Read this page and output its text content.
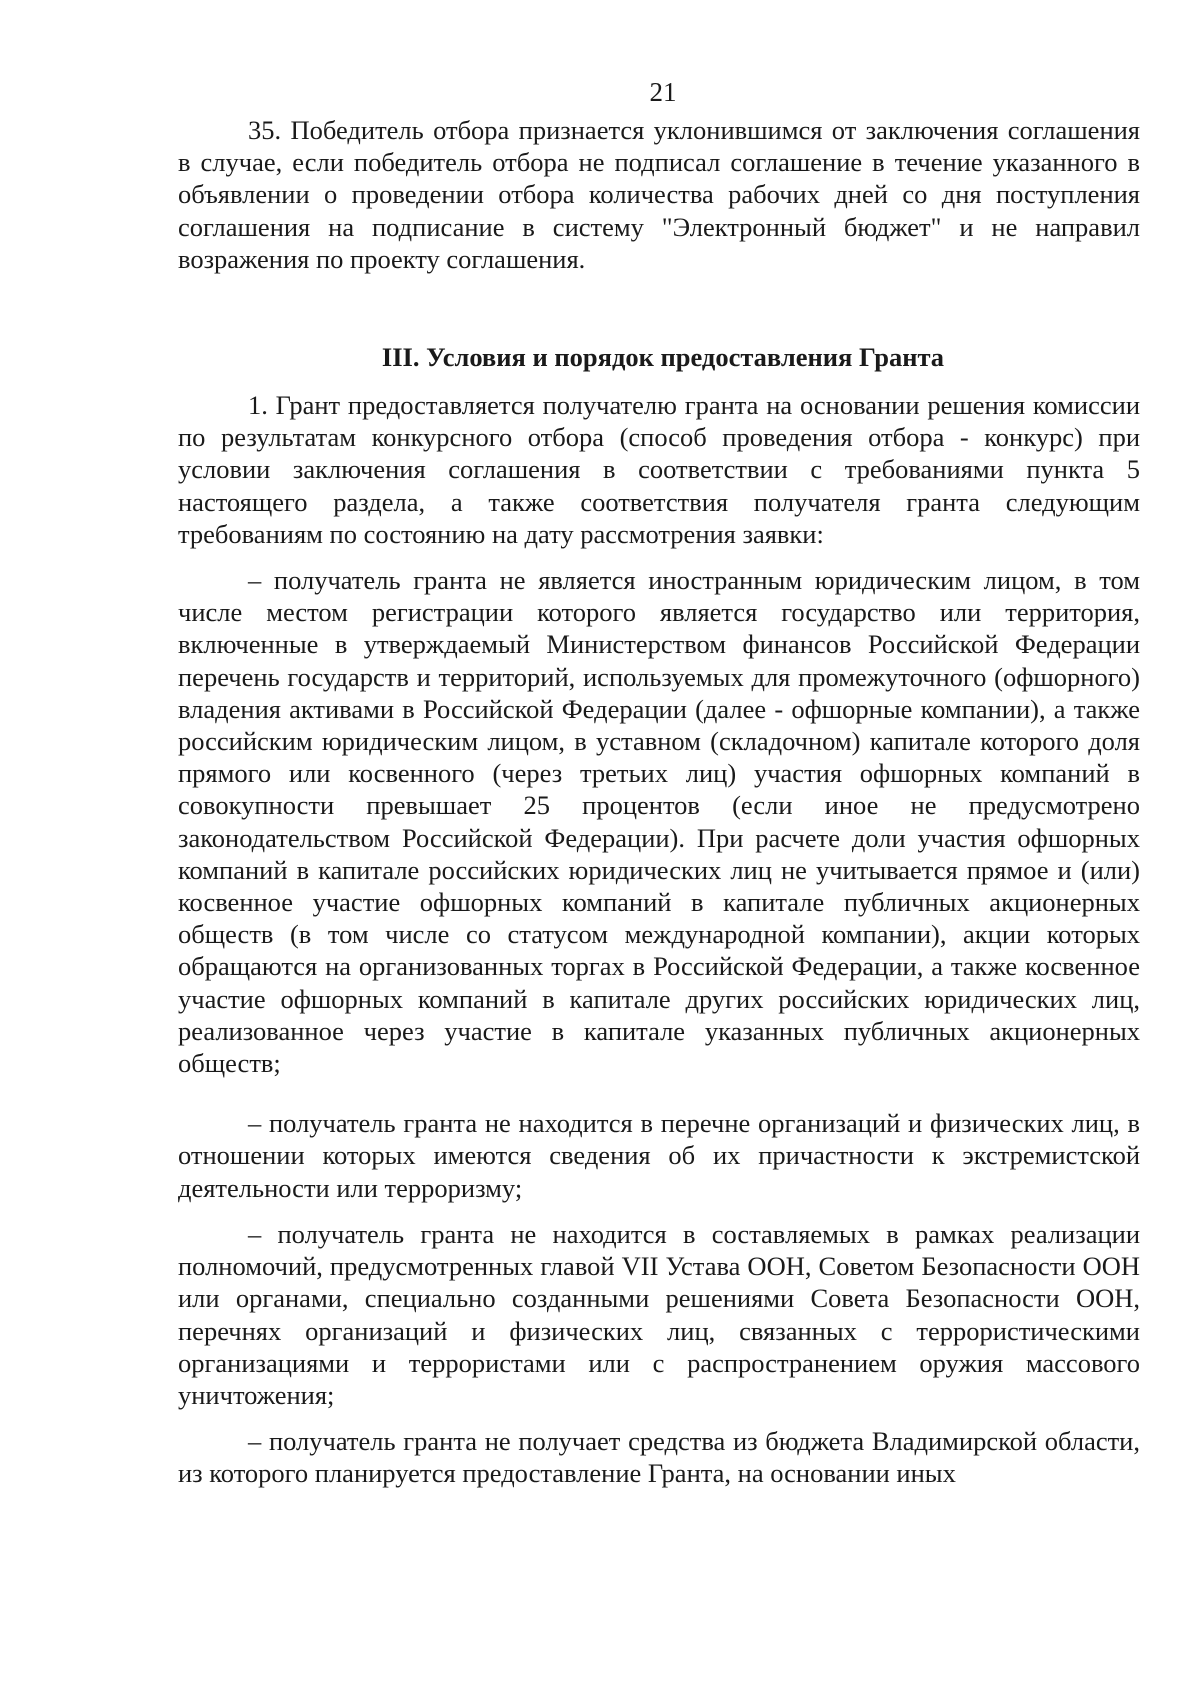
21

35. Победитель отбора признается уклонившимся от заключения соглашения в случае, если победитель отбора не подписал соглашение в течение указанного в объявлении о проведении отбора количества рабочих дней со дня поступления соглашения на подписание в систему "Электронный бюджет" и не направил возражения по проекту соглашения.

III. Условия и порядок предоставления Гранта

1. Грант предоставляется получателю гранта на основании решения комиссии по результатам конкурсного отбора (способ проведения отбора - конкурс) при условии заключения соглашения в соответствии с требованиями пункта 5 настоящего раздела, а также соответствия получателя гранта следующим требованиям по состоянию на дату рассмотрения заявки:

– получатель гранта не является иностранным юридическим лицом, в том числе местом регистрации которого является государство или территория, включенные в утверждаемый Министерством финансов Российской Федерации перечень государств и территорий, используемых для промежуточного (офшорного) владения активами в Российской Федерации (далее - офшорные компании), а также российским юридическим лицом, в уставном (складочном) капитале которого доля прямого или косвенного (через третьих лиц) участия офшорных компаний в совокупности превышает 25 процентов (если иное не предусмотрено законодательством Российской Федерации). При расчете доли участия офшорных компаний в капитале российских юридических лиц не учитывается прямое и (или) косвенное участие офшорных компаний в капитале публичных акционерных обществ (в том числе со статусом международной компании), акции которых обращаются на организованных торгах в Российской Федерации, а также косвенное участие офшорных компаний в капитале других российских юридических лиц, реализованное через участие в капитале указанных публичных акционерных обществ;

– получатель гранта не находится в перечне организаций и физических лиц, в отношении которых имеются сведения об их причастности к экстремистской деятельности или терроризму;

– получатель гранта не находится в составляемых в рамках реализации полномочий, предусмотренных главой VII Устава ООН, Советом Безопасности ООН или органами, специально созданными решениями Совета Безопасности ООН, перечнях организаций и физических лиц, связанных с террористическими организациями и террористами или с распространением оружия массового уничтожения;

– получатель гранта не получает средства из бюджета Владимирской области, из которого планируется предоставление Гранта, на основании иных
